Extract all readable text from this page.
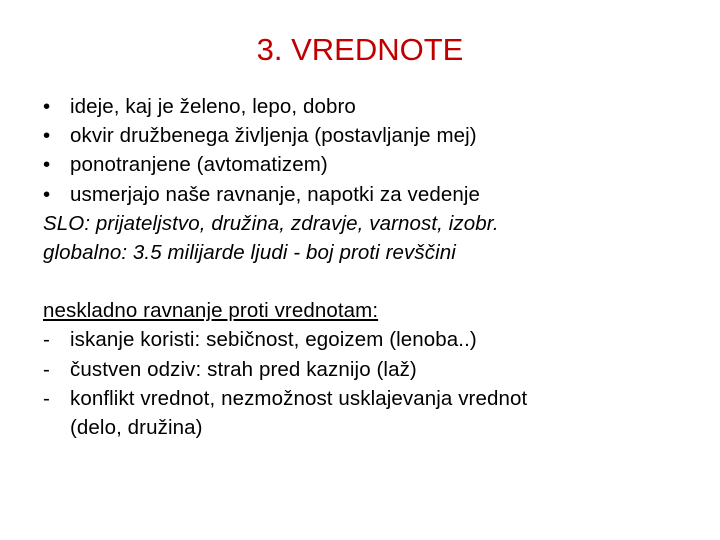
3. VREDNOTE
• ideje, kaj je želeno, lepo, dobro
• okvir družbenega življenja (postavljanje mej)
• ponotranjene (avtomatizem)
• usmerjajo naše ravnanje, napotki za vedenje
SLO: prijateljstvo, družina, zdravje, varnost, izobr.
globalno: 3.5 milijarde ljudi - boj proti revščini
neskladno ravnanje proti vrednotam:
- iskanje koristi: sebičnost, egoizem (lenoba..)
- čustven odziv: strah pred kaznijo (laž)
- konflikt vrednot, nezmožnost usklajevanja vrednot
(delo, družina)
